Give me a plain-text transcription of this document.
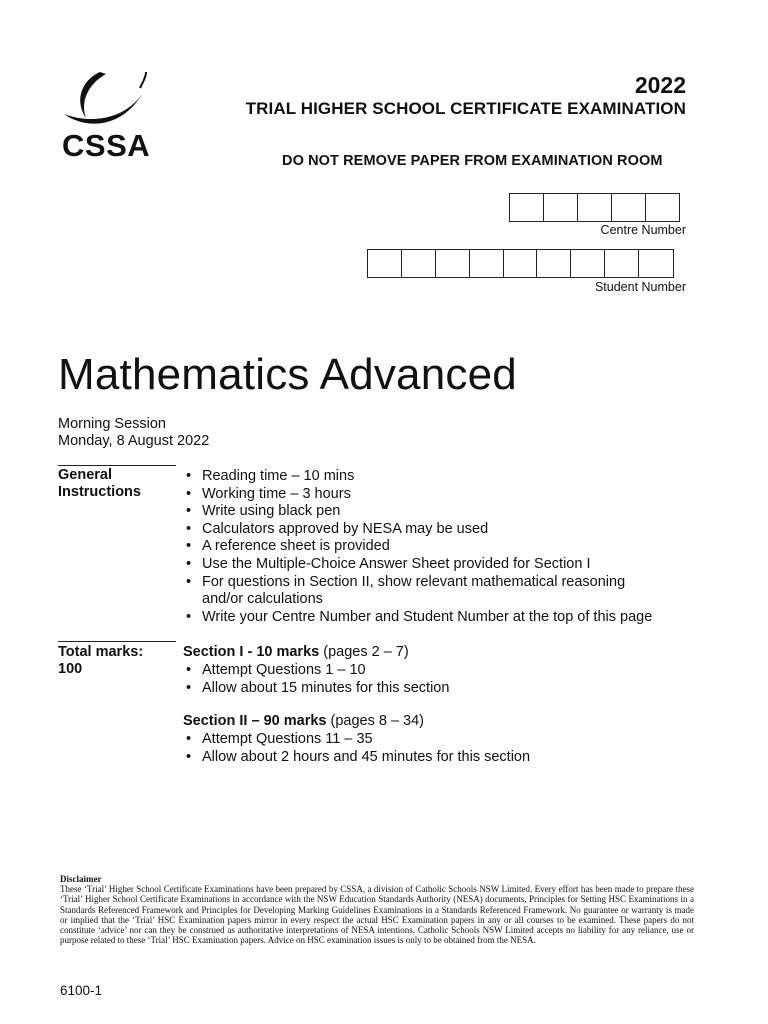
CSSA
2022
TRIAL HIGHER SCHOOL CERTIFICATE EXAMINATION
DO NOT REMOVE PAPER FROM EXAMINATION ROOM
Centre Number
Student Number
Mathematics Advanced
Morning Session
Monday, 8 August 2022
General
Instructions
• Reading time – 10 mins
• Working time – 3 hours
• Write using black pen
• Calculators approved by NESA may be used
• A reference sheet is provided
• Use the Multiple-Choice Answer Sheet provided for Section I
• For questions in Section II, show relevant mathematical reasoning
and/or calculations
• Write your Centre Number and Student Number at the top of this page
Total marks:
100
Section I - 10 marks (pages 2 – 7)
• Attempt Questions 1 – 10
• Allow about 15 minutes for this section
Section II – 90 marks (pages 8 – 34)
• Attempt Questions 11 – 35
• Allow about 2 hours and 45 minutes for this section
Disclaimer
These ‘Trial’ Higher School Certificate Examinations have been prepared by CSSA, a division of Catholic Schools NSW Limited. Every effort has been made to prepare these ‘Trial’ Higher School Certificate Examinations in accordance with the NSW Education Standards Authority (NESA) documents, Principles for Setting HSC Examinations in a Standards Referenced Framework and Principles for Developing Marking Guidelines Examinations in a Standards Referenced Framework. No guarantee or warranty is made or implied that the ‘Trial’ HSC Examination papers mirror in every respect the actual HSC Examination papers in any or all courses to be examined. These papers do not constitute ‘advice’ nor can they be construed as authoritative interpretations of NESA intentions. Catholic Schools NSW Limited accepts no liability for any reliance, use or purpose related to these ‘Trial’ HSC Examination papers. Advice on HSC examination issues is only to be obtained from the NESA.
6100-1
